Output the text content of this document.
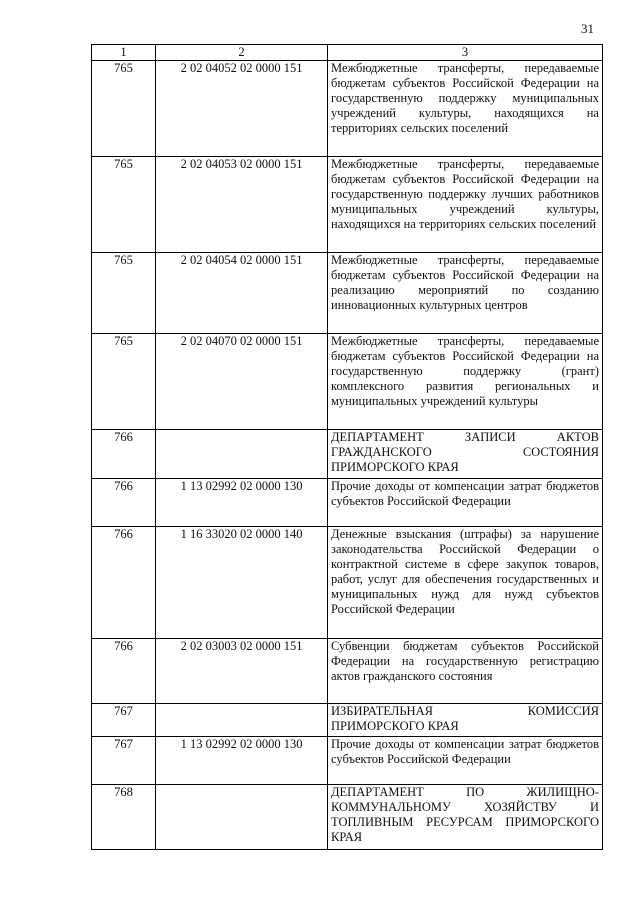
31
1	2	3
765	2 02 04052 02 0000 151	Межбюджетные трансферты, передаваемые бюджетам субъектов Российской Федерации на государственную поддержку муниципальных учреждений культуры, находящихся на территориях сельских поселений
765	2 02 04053 02 0000 151	Межбюджетные трансферты, передаваемые бюджетам субъектов Российской Федерации на государственную поддержку лучших работников муниципальных учреждений культуры, находящихся на территориях сельских поселений
765	2 02 04054 02 0000 151	Межбюджетные трансферты, передаваемые бюджетам субъектов Российской Федерации на реализацию мероприятий по созданию инновационных культурных центров
765	2 02 04070 02 0000 151	Межбюджетные трансферты, передаваемые бюджетам субъектов Российской Федерации на государственную поддержку (грант) комплексного развития региональных и муниципальных учреждений культуры
766		ДЕПАРТАМЕНТ ЗАПИСИ АКТОВ ГРАЖДАНСКОГО СОСТОЯНИЯ ПРИМОРСКОГО КРАЯ
766	1 13 02992 02 0000 130	Прочие доходы от компенсации затрат бюджетов субъектов Российской Федерации
766	1 16 33020 02 0000 140	Денежные взыскания (штрафы) за нарушение законодательства Российской Федерации о контрактной системе в сфере закупок товаров, работ, услуг для обеспечения государственных и муниципальных нужд для нужд субъектов Российской Федерации
766	2 02 03003 02 0000 151	Субвенции бюджетам субъектов Российской Федерации на государственную регистрацию актов гражданского состояния
767		ИЗБИРАТЕЛЬНАЯ КОМИССИЯ ПРИМОРСКОГО КРАЯ
767	1 13 02992 02 0000 130	Прочие доходы от компенсации затрат бюджетов субъектов Российской Федерации
768		ДЕПАРТАМЕНТ ПО ЖИЛИЩНО-КОММУНАЛЬНОМУ ХОЗЯЙСТВУ И ТОПЛИВНЫМ РЕСУРСАМ ПРИМОРСКОГО КРАЯ
